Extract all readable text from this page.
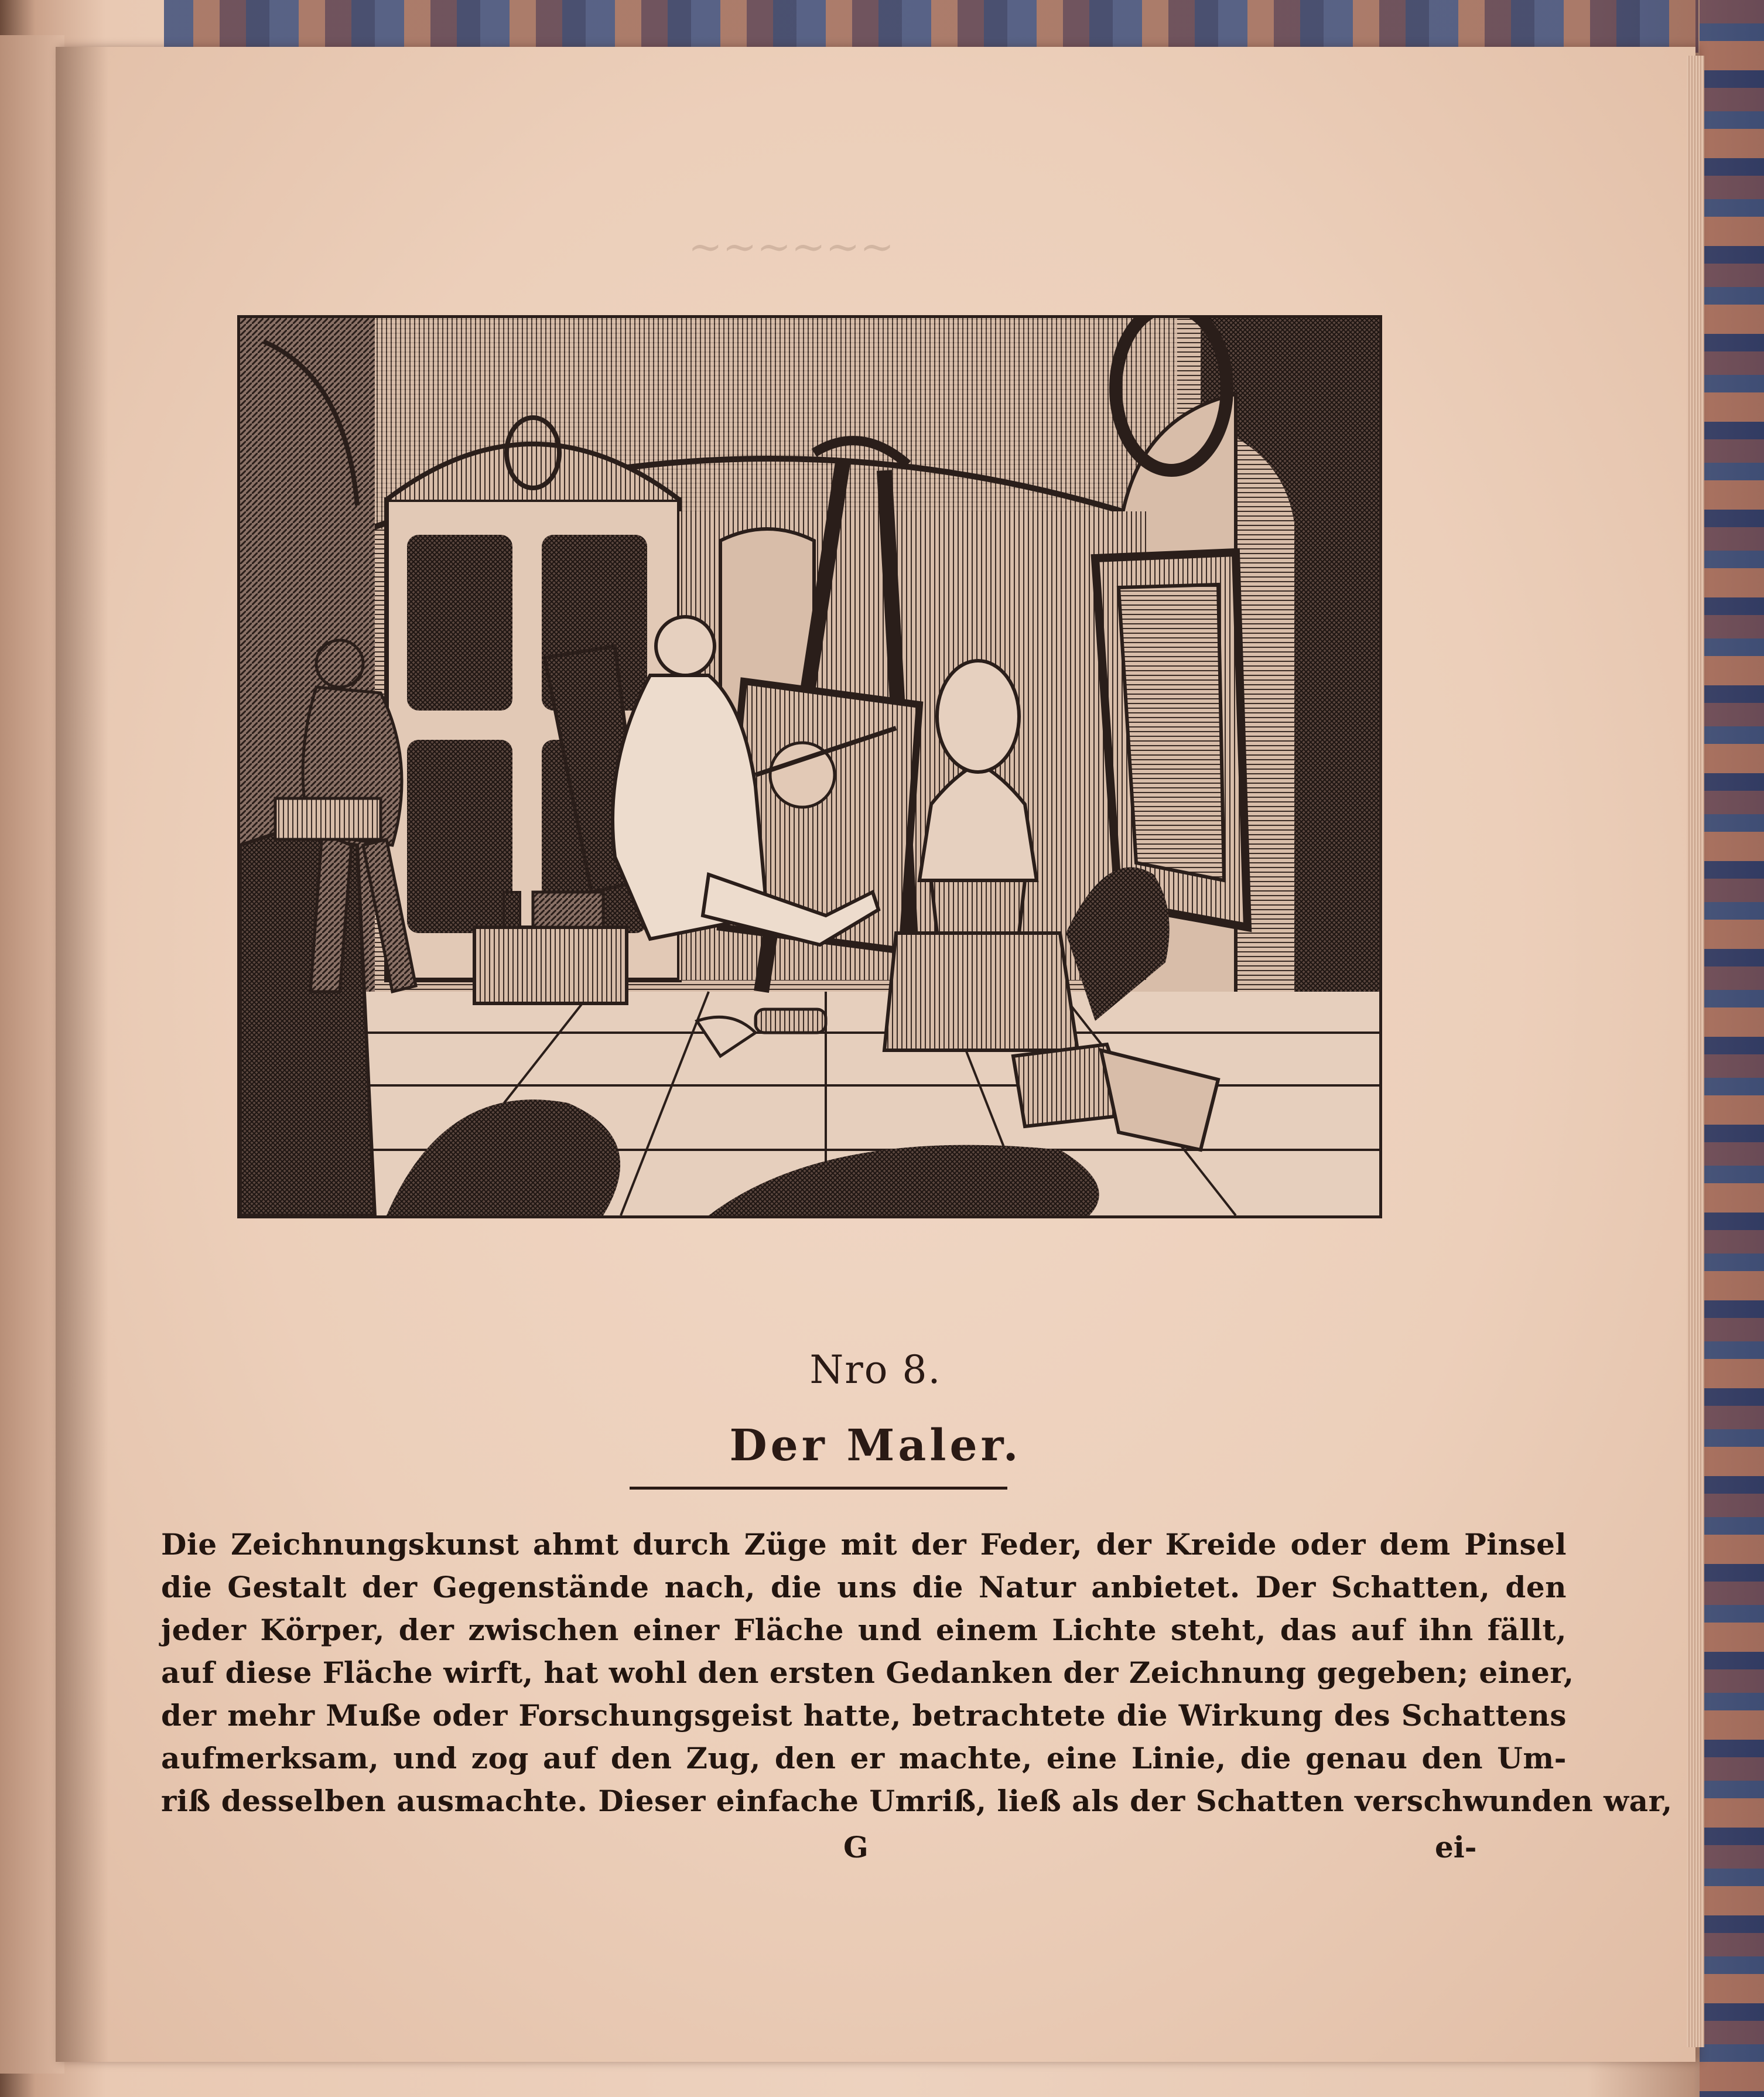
~~~~~~
Nro 8.
Der Maler.
Die Zeichnungskunst ahmt durch Züge mit der Feder, der Kreide oder dem Pinsel
die Gestalt der Gegenstände nach, die uns die Natur anbietet. Der Schatten, den
jeder Körper, der zwischen einer Fläche und einem Lichte steht, das auf ihn fällt,
auf diese Fläche wirft, hat wohl den ersten Gedanken der Zeichnung gegeben; einer,
der mehr Muße oder Forschungsgeist hatte, betrachtete die Wirkung des Schattens
aufmerksam, und zog auf den Zug, den er machte, eine Linie, die genau den Um-
riß desselben ausmachte. Dieser einfache Umriß, ließ als der Schatten verschwunden war,
G	ei-
